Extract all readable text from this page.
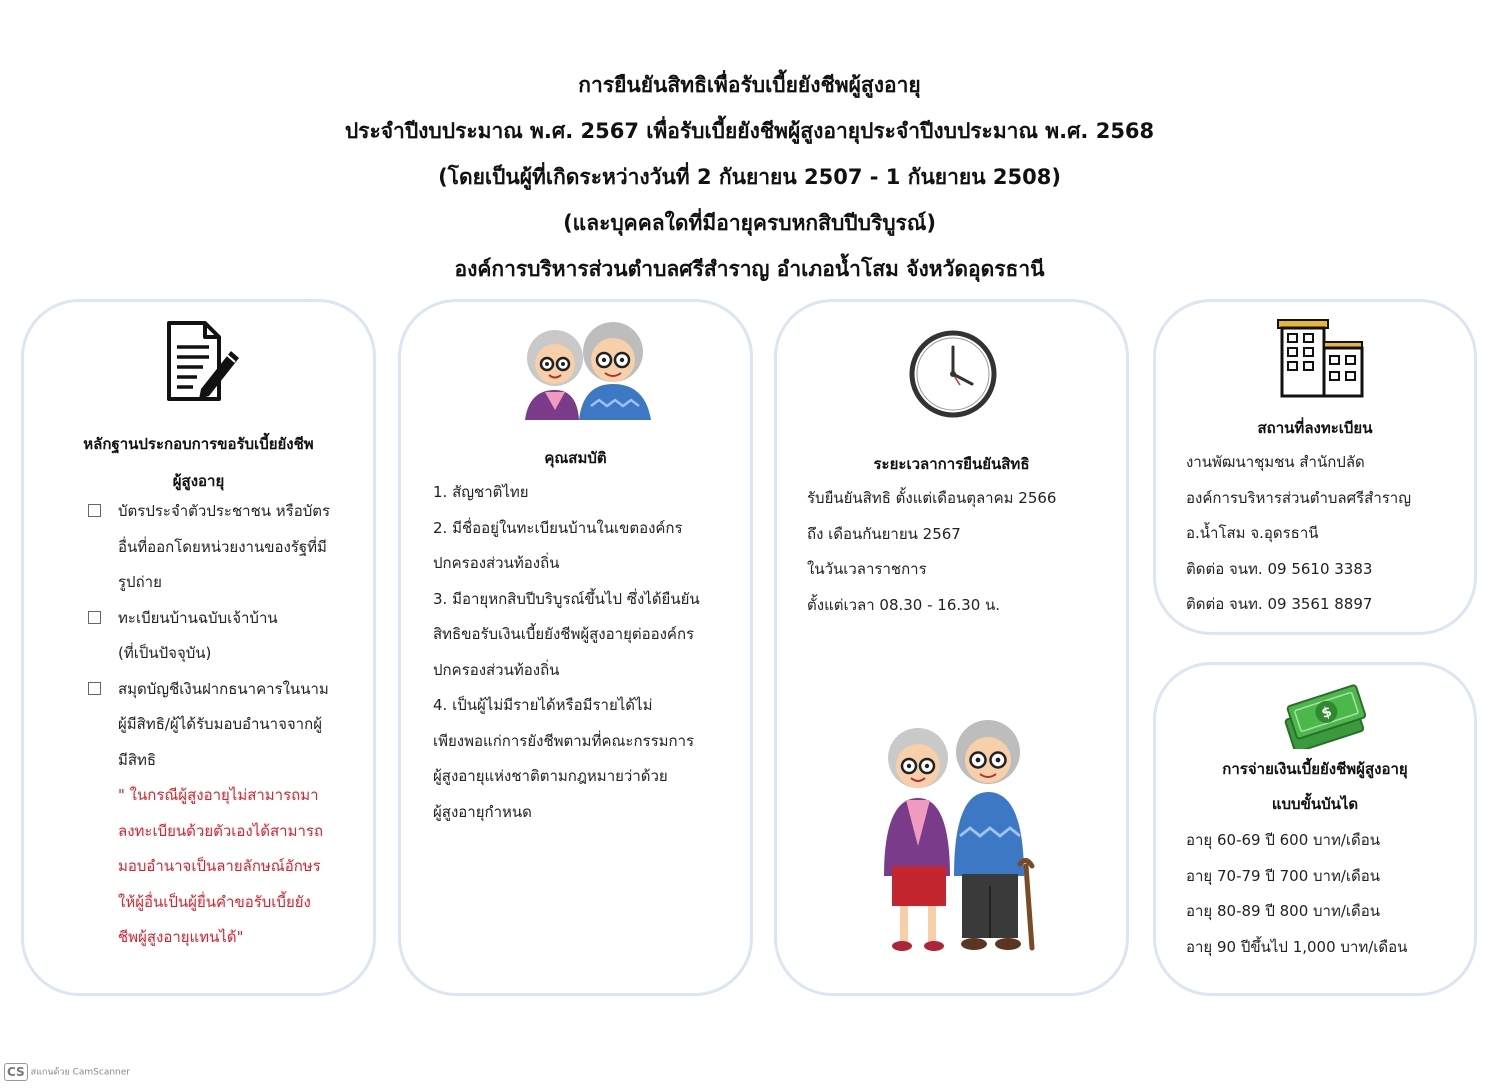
การยืนยันสิทธิเพื่อรับเบี้ยยังชีพผู้สูงอายุ
ประจำปีงบประมาณ พ.ศ. 2567 เพื่อรับเบี้ยยังชีพผู้สูงอายุประจำปีงบประมาณ พ.ศ. 2568
(โดยเป็นผู้ที่เกิดระหว่างวันที่ 2 กันยายน 2507 - 1 กันยายน 2508)
(และบุคคลใดที่มีอายุครบหกสิบปีบริบูรณ์)
องค์การบริหารส่วนตำบลศรีสำราญ อำเภอน้ำโสม จังหวัดอุดรธานี
หลักฐานประกอบการขอรับเบี้ยยังชีพ
ผู้สูงอายุ
บัตรประจำตัวประชาชน หรือบัตร
อื่นที่ออกโดยหน่วยงานของรัฐที่มี
รูปถ่าย
ทะเบียนบ้านฉบับเจ้าบ้าน
(ที่เป็นปัจจุบัน)
สมุดบัญชีเงินฝากธนาคารในนาม
ผู้มีสิทธิ/ผู้ได้รับมอบอำนาจจากผู้
มีสิทธิ
" ในกรณีผู้สูงอายุไม่สามารถมา
ลงทะเบียนด้วยตัวเองได้สามารถ
มอบอำนาจเป็นลายลักษณ์อักษร
ให้ผู้อื่นเป็นผู้ยื่นคำขอรับเบี้ยยัง
ชีพผู้สูงอายุแทนได้"
คุณสมบัติ
1. สัญชาติไทย
2. มีชื่ออยู่ในทะเบียนบ้านในเขตองค์กร
ปกครองส่วนท้องถิ่น
3. มีอายุหกสิบปีบริบูรณ์ขึ้นไป ซึ่งได้ยืนยัน
สิทธิขอรับเงินเบี้ยยังชีพผู้สูงอายุต่อองค์กร
ปกครองส่วนท้องถิ่น
4. เป็นผู้ไม่มีรายได้หรือมีรายได้ไม่
เพียงพอแก่การยังชีพตามที่คณะกรรมการ
ผู้สูงอายุแห่งชาติตามกฎหมายว่าด้วย
ผู้สูงอายุกำหนด
ระยะเวลาการยืนยันสิทธิ
รับยืนยันสิทธิ ตั้งแต่เดือนตุลาคม 2566
ถึง เดือนกันยายน 2567
ในวันเวลาราชการ
ตั้งแต่เวลา 08.30 - 16.30 น.
สถานที่ลงทะเบียน
งานพัฒนาชุมชน สำนักปลัด
องค์การบริหารส่วนตำบลศรีสำราญ
อ.น้ำโสม จ.อุดรธานี
ติดต่อ จนท. 09 5610 3383
ติดต่อ จนท. 09 3561 8897
$
การจ่ายเงินเบี้ยยังชีพผู้สูงอายุ
แบบขั้นบันได
อายุ 60-69 ปี 600 บาท/เดือน
อายุ 70-79 ปี 700 บาท/เดือน
อายุ 80-89 ปี 800 บาท/เดือน
อายุ 90 ปีขึ้นไป 1,000 บาท/เดือน
CS สแกนด้วย CamScanner
